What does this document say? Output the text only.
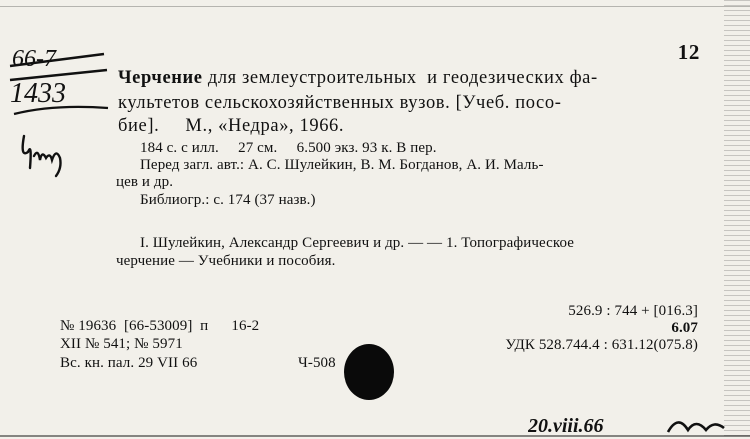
66-7
1433
12
Черчение для землеустроительных  и геодезических фа-
культетов сельскохозяйственных вузов. [Учеб. посо-
бие].     М., «Недра», 1966.
184 с. с илл.     27 см.     6.500 экз. 93 к. В пер.
Перед загл. авт.: А. С. Шулейкин, В. М. Богданов, А. И. Маль-
цев и др.
Библиогр.: с. 174 (37 назв.)
I. Шулейкин, Александр Сергеевич и др. — — 1. Топографическое
черчение — Учебники и пособия.
526.9 : 744 + [016.3]
6.07
УДК 528.744.4 : 631.12(075.8)
№ 19636  [66-53009]  п      16-2
XII № 541; № 5971
Вс. кн. пал. 29 VII 66	Ч-508
20.viii.66
